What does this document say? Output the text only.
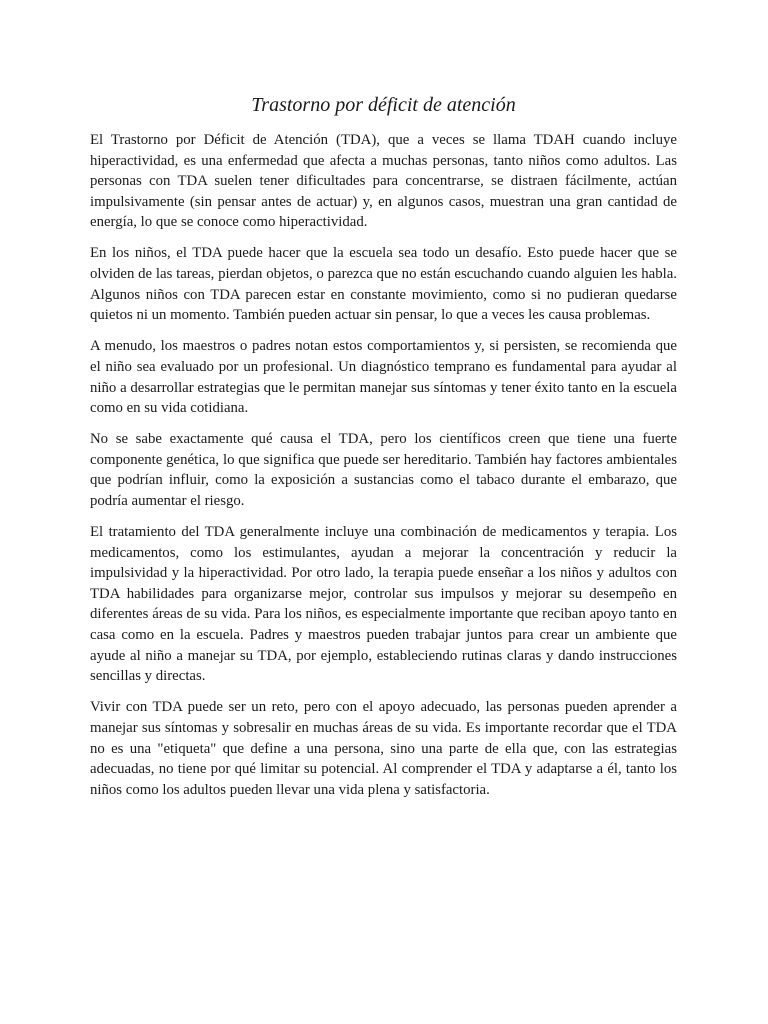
Trastorno por déficit de atención

El Trastorno por Déficit de Atención (TDA), que a veces se llama TDAH cuando incluye hiperactividad, es una enfermedad que afecta a muchas personas, tanto niños como adultos. Las personas con TDA suelen tener dificultades para concentrarse, se distraen fácilmente, actúan impulsivamente (sin pensar antes de actuar) y, en algunos casos, muestran una gran cantidad de energía, lo que se conoce como hiperactividad.

En los niños, el TDA puede hacer que la escuela sea todo un desafío. Esto puede hacer que se olviden de las tareas, pierdan objetos, o parezca que no están escuchando cuando alguien les habla. Algunos niños con TDA parecen estar en constante movimiento, como si no pudieran quedarse quietos ni un momento. También pueden actuar sin pensar, lo que a veces les causa problemas.

A menudo, los maestros o padres notan estos comportamientos y, si persisten, se recomienda que el niño sea evaluado por un profesional. Un diagnóstico temprano es fundamental para ayudar al niño a desarrollar estrategias que le permitan manejar sus síntomas y tener éxito tanto en la escuela como en su vida cotidiana.

No se sabe exactamente qué causa el TDA, pero los científicos creen que tiene una fuerte componente genética, lo que significa que puede ser hereditario. También hay factores ambientales que podrían influir, como la exposición a sustancias como el tabaco durante el embarazo, que podría aumentar el riesgo.

El tratamiento del TDA generalmente incluye una combinación de medicamentos y terapia. Los medicamentos, como los estimulantes, ayudan a mejorar la concentración y reducir la impulsividad y la hiperactividad. Por otro lado, la terapia puede enseñar a los niños y adultos con TDA habilidades para organizarse mejor, controlar sus impulsos y mejorar su desempeño en diferentes áreas de su vida. Para los niños, es especialmente importante que reciban apoyo tanto en casa como en la escuela. Padres y maestros pueden trabajar juntos para crear un ambiente que ayude al niño a manejar su TDA, por ejemplo, estableciendo rutinas claras y dando instrucciones sencillas y directas.

Vivir con TDA puede ser un reto, pero con el apoyo adecuado, las personas pueden aprender a manejar sus síntomas y sobresalir en muchas áreas de su vida. Es importante recordar que el TDA no es una "etiqueta" que define a una persona, sino una parte de ella que, con las estrategias adecuadas, no tiene por qué limitar su potencial. Al comprender el TDA y adaptarse a él, tanto los niños como los adultos pueden llevar una vida plena y satisfactoria.
